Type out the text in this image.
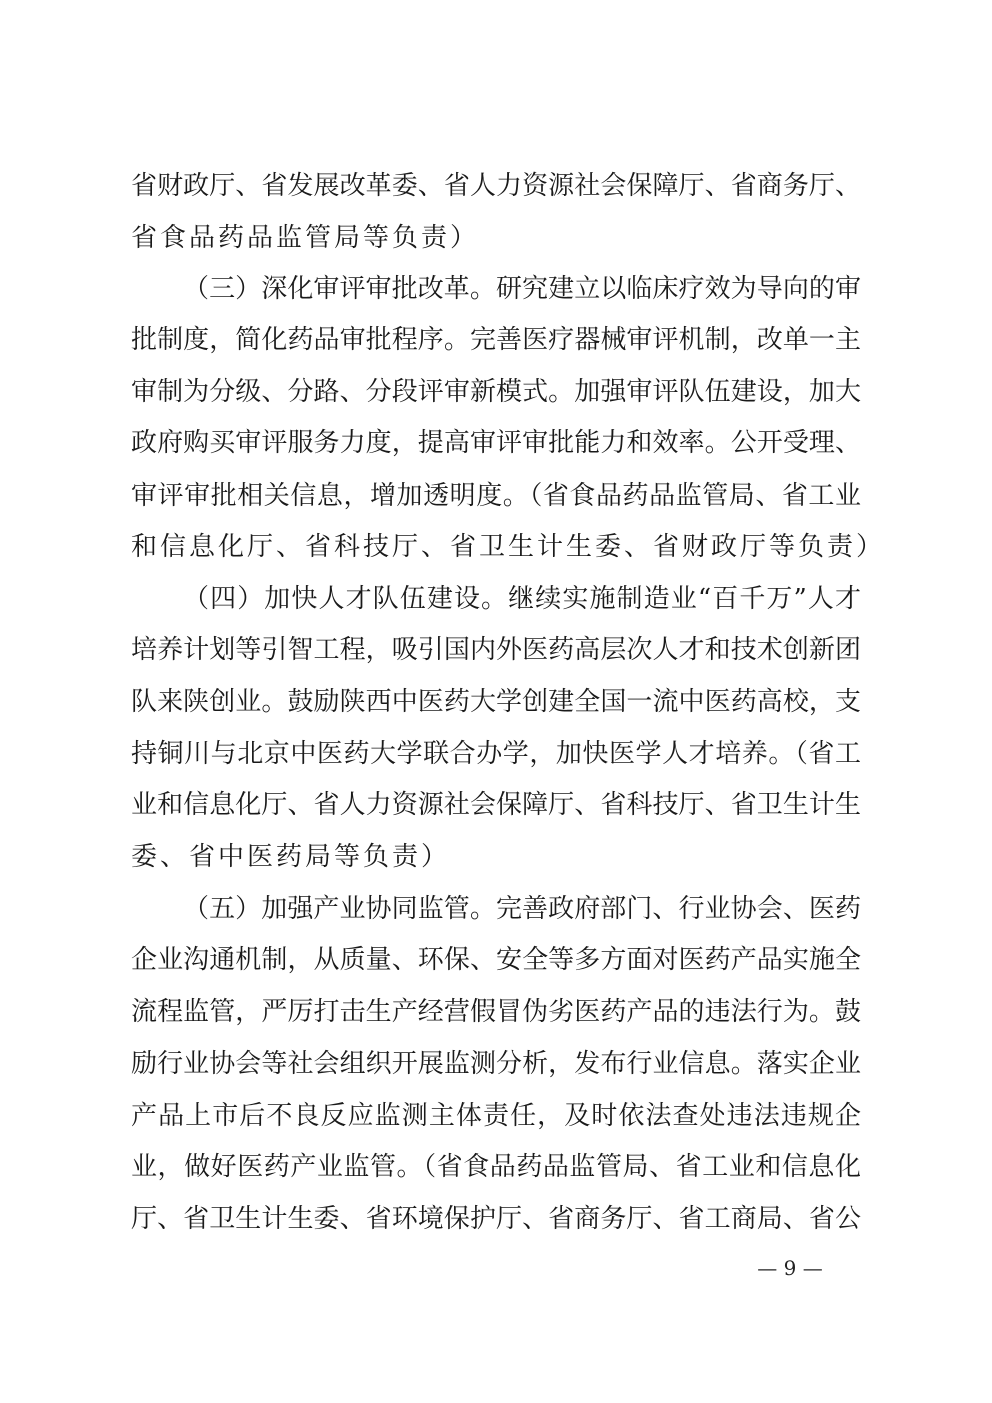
省财政厅、省发展改革委、省人力资源社会保障厅、省商务厅、
省食品药品监管局等负责）
（三）深化审评审批改革。研究建立以临床疗效为导向的审
批制度，简化药品审批程序。完善医疗器械审评机制，改单一主
审制为分级、分路、分段评审新模式。加强审评队伍建设，加大
政府购买审评服务力度，提高审评审批能力和效率。公开受理、
审评审批相关信息，增加透明度。（省食品药品监管局、省工业
和信息化厅、省科技厅、省卫生计生委、省财政厅等负责）
（四）加快人才队伍建设。继续实施制造业“百千万”人才
培养计划等引智工程，吸引国内外医药高层次人才和技术创新团
队来陕创业。鼓励陕西中医药大学创建全国一流中医药高校，支
持铜川与北京中医药大学联合办学，加快医学人才培养。（省工
业和信息化厅、省人力资源社会保障厅、省科技厅、省卫生计生
委、省中医药局等负责）
（五）加强产业协同监管。完善政府部门、行业协会、医药
企业沟通机制，从质量、环保、安全等多方面对医药产品实施全
流程监管，严厉打击生产经营假冒伪劣医药产品的违法行为。鼓
励行业协会等社会组织开展监测分析，发布行业信息。落实企业
产品上市后不良反应监测主体责任，及时依法查处违法违规企
业，做好医药产业监管。（省食品药品监管局、省工业和信息化
厅、省卫生计生委、省环境保护厅、省商务厅、省工商局、省公
— 9 —
